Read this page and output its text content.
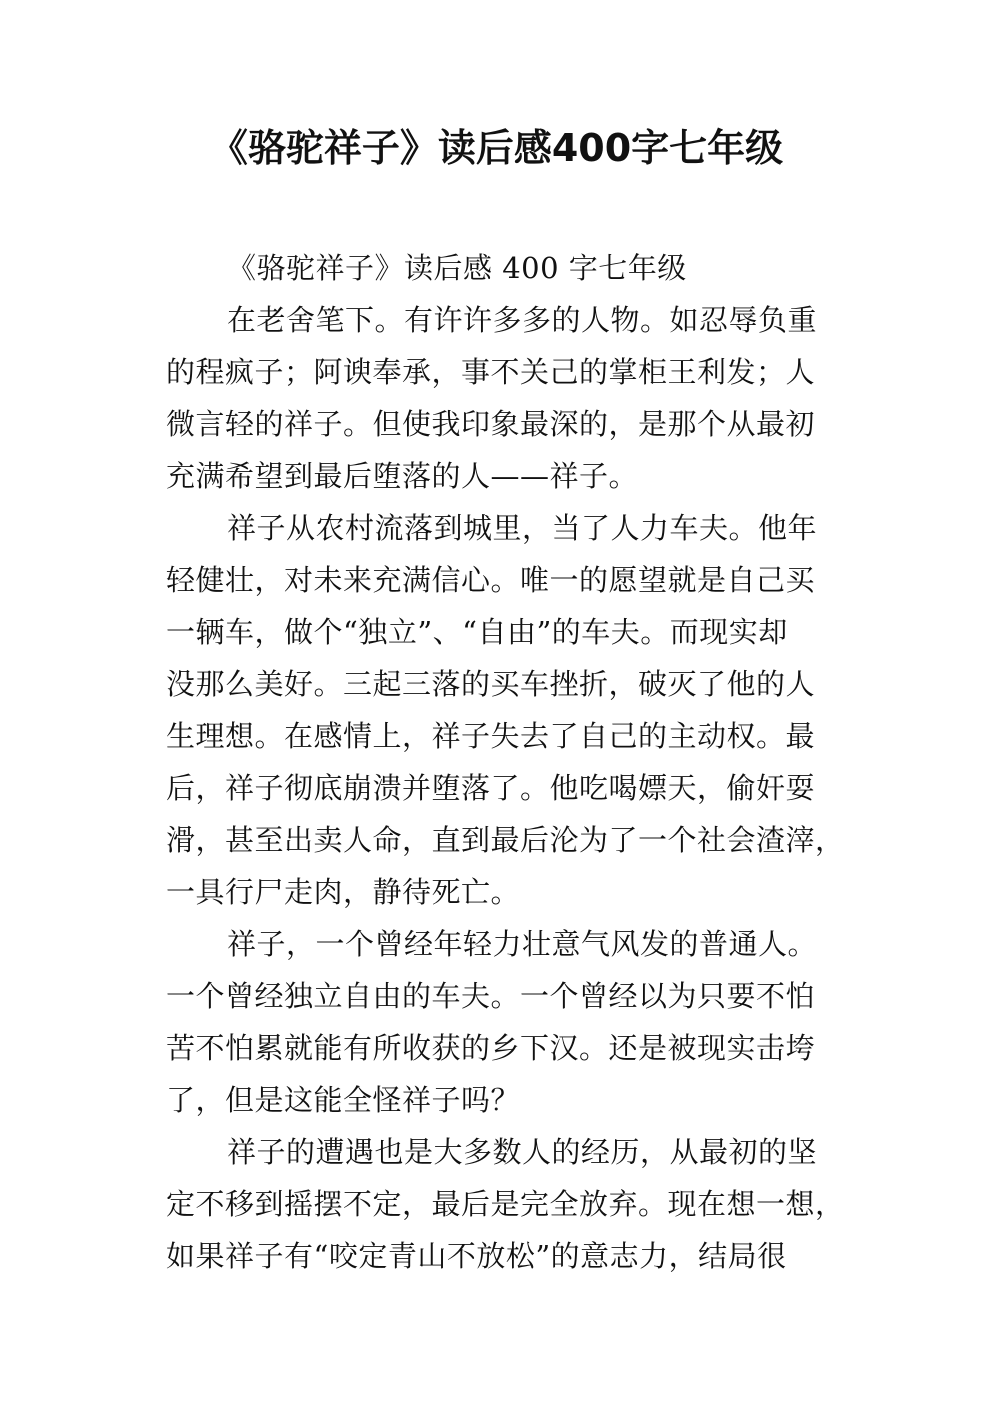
《骆驼祥子》读后感400字七年级
《骆驼祥子》读后感 400 字七年级
在老舍笔下。有许许多多的人物。如忍辱负重
的程疯子；阿谀奉承，事不关己的掌柜王利发；人
微言轻的祥子。但使我印象最深的，是那个从最初
充满希望到最后堕落的人——祥子。
祥子从农村流落到城里，当了人力车夫。他年
轻健壮，对未来充满信心。唯一的愿望就是自己买
一辆车，做个“独立”、“自由”的车夫。而现实却
没那么美好。三起三落的买车挫折，破灭了他的人
生理想。在感情上，祥子失去了自己的主动权。最
后，祥子彻底崩溃并堕落了。他吃喝嫖天，偷奸耍
滑，甚至出卖人命，直到最后沦为了一个社会渣滓，
一具行尸走肉，静待死亡。
祥子，一个曾经年轻力壮意气风发的普通人。
一个曾经独立自由的车夫。一个曾经以为只要不怕
苦不怕累就能有所收获的乡下汉。还是被现实击垮
了，但是这能全怪祥子吗？
祥子的遭遇也是大多数人的经历，从最初的坚
定不移到摇摆不定，最后是完全放弃。现在想一想，
如果祥子有“咬定青山不放松”的意志力，结局很
